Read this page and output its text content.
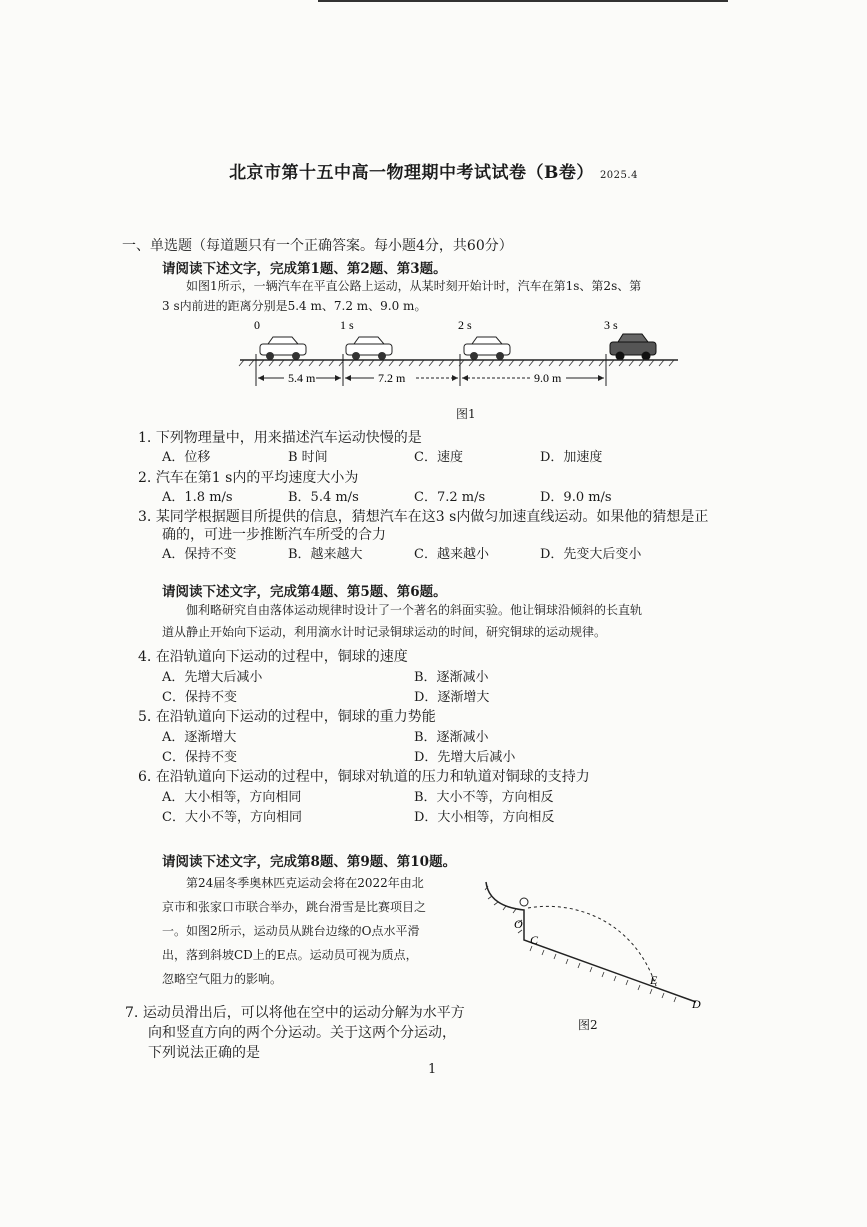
北京市第十五中高一物理期中考试试卷（B卷） 2025.4
一、单选题（每道题只有一个正确答案。每小题4分，共60分）
请阅读下述文字，完成第1题、第2题、第3题。
如图1所示，一辆汽车在平直公路上运动，从某时刻开始计时，汽车在第1s、第2s、第
3 s内前进的距离分别是5.4 m、7.2 m、9.0 m。
0	1 s	2 s	3 s
5.4 m	7.2 m	9.0 m
图1
1. 下列物理量中，用来描述汽车运动快慢的是
A．位移	B 时间	C．速度	D．加速度
2. 汽车在第1 s内的平均速度大小为
A．1.8 m/s	B．5.4 m/s	C．7.2 m/s	D．9.0 m/s
3. 某同学根据题目所提供的信息，猜想汽车在这3 s内做匀加速直线运动。如果他的猜想是正
确的，可进一步推断汽车所受的合力
A．保持不变	B．越来越大	C．越来越小	D．先变大后变小
请阅读下述文字，完成第4题、第5题、第6题。
伽利略研究自由落体运动规律时设计了一个著名的斜面实验。他让铜球沿倾斜的长直轨
道从静止开始向下运动，利用滴水计时记录铜球运动的时间，研究铜球的运动规律。
4. 在沿轨道向下运动的过程中，铜球的速度
A．先增大后减小	B．逐渐减小
C．保持不变	D．逐渐增大
5. 在沿轨道向下运动的过程中，铜球的重力势能
A．逐渐增大	B．逐渐减小
C．保持不变	D．先增大后减小
6. 在沿轨道向下运动的过程中，铜球对轨道的压力和轨道对铜球的支持力
A．大小相等，方向相同	B．大小不等，方向相反
C．大小不等，方向相同	D．大小相等，方向相反
请阅读下述文字，完成第8题、第9题、第10题。
第24届冬季奥林匹克运动会将在2022年由北
京市和张家口市联合举办，跳台滑雪是比赛项目之
一。如图2所示，运动员从跳台边缘的O点水平滑
出，落到斜坡CD上的E点。运动员可视为质点，
忽略空气阻力的影响。
O
C
E
D
图2
7. 运动员滑出后，可以将他在空中的运动分解为水平方
向和竖直方向的两个分运动。关于这两个分运动，
下列说法正确的是
1
